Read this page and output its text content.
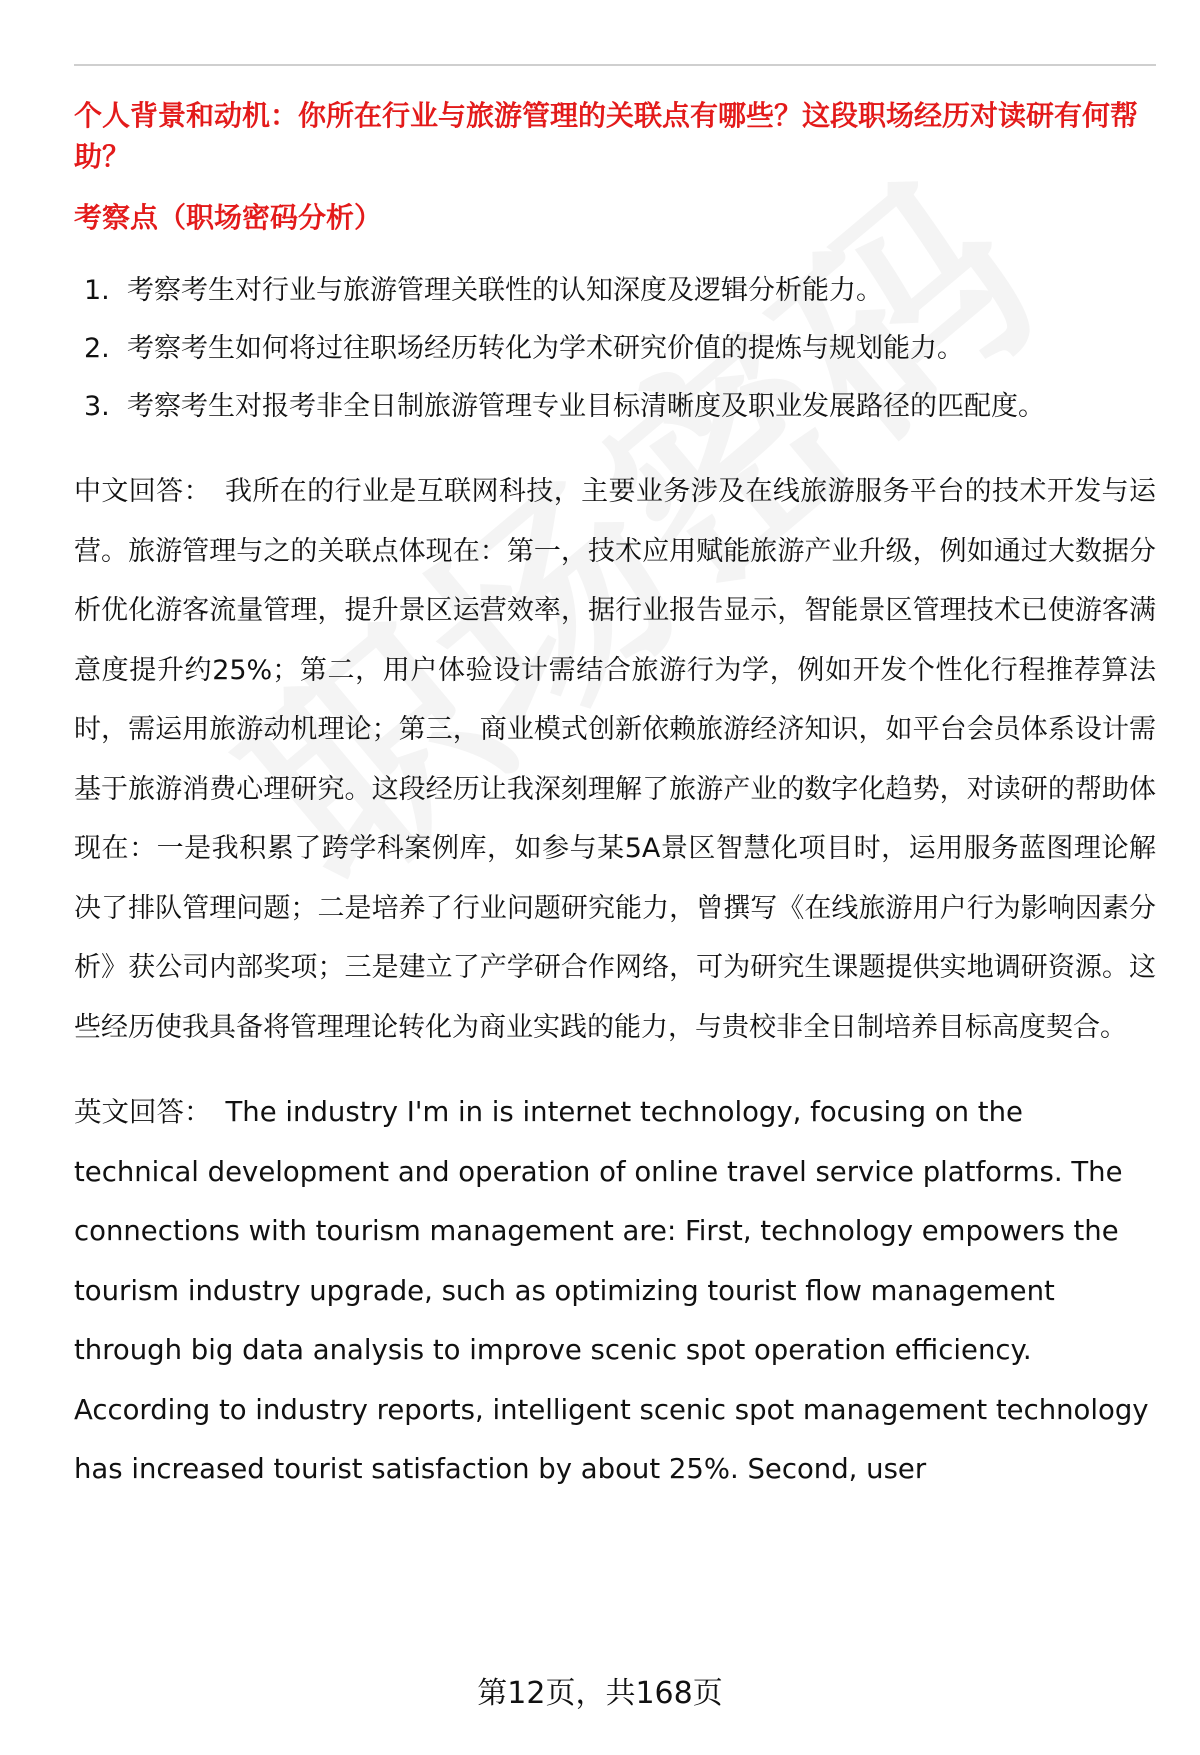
个人背景和动机：你所在行业与旅游管理的关联点有哪些？这段职场经历对读研有何帮助？
考察点（职场密码分析）
1. 考察考生对行业与旅游管理关联性的认知深度及逻辑分析能力。
2. 考察考生如何将过往职场经历转化为学术研究价值的提炼与规划能力。
3. 考察考生对报考非全日制旅游管理专业目标清晰度及职业发展路径的匹配度。

中文回答： 我所在的行业是互联网科技，主要业务涉及在线旅游服务平台的技术开发与运营。旅游管理与之的关联点体现在：第一，技术应用赋能旅游产业升级，例如通过大数据分析优化游客流量管理，提升景区运营效率，据行业报告显示，智能景区管理技术已使游客满意度提升约25%；第二，用户体验设计需结合旅游行为学，例如开发个性化行程推荐算法时，需运用旅游动机理论；第三，商业模式创新依赖旅游经济知识，如平台会员体系设计需基于旅游消费心理研究。这段经历让我深刻理解了旅游产业的数字化趋势，对读研的帮助体现在：一是我积累了跨学科案例库，如参与某5A景区智慧化项目时，运用服务蓝图理论解决了排队管理问题；二是培养了行业问题研究能力，曾撰写《在线旅游用户行为影响因素分析》获公司内部奖项；三是建立了产学研合作网络，可为研究生课题提供实地调研资源。这些经历使我具备将管理理论转化为商业实践的能力，与贵校非全日制培养目标高度契合。

英文回答： The industry I'm in is internet technology, focusing on the technical development and operation of online travel service platforms. The connections with tourism management are: First, technology empowers the tourism industry upgrade, such as optimizing tourist flow management through big data analysis to improve scenic spot operation efficiency. According to industry reports, intelligent scenic spot management technology has increased tourist satisfaction by about 25%. Second, user

第12页，共168页
